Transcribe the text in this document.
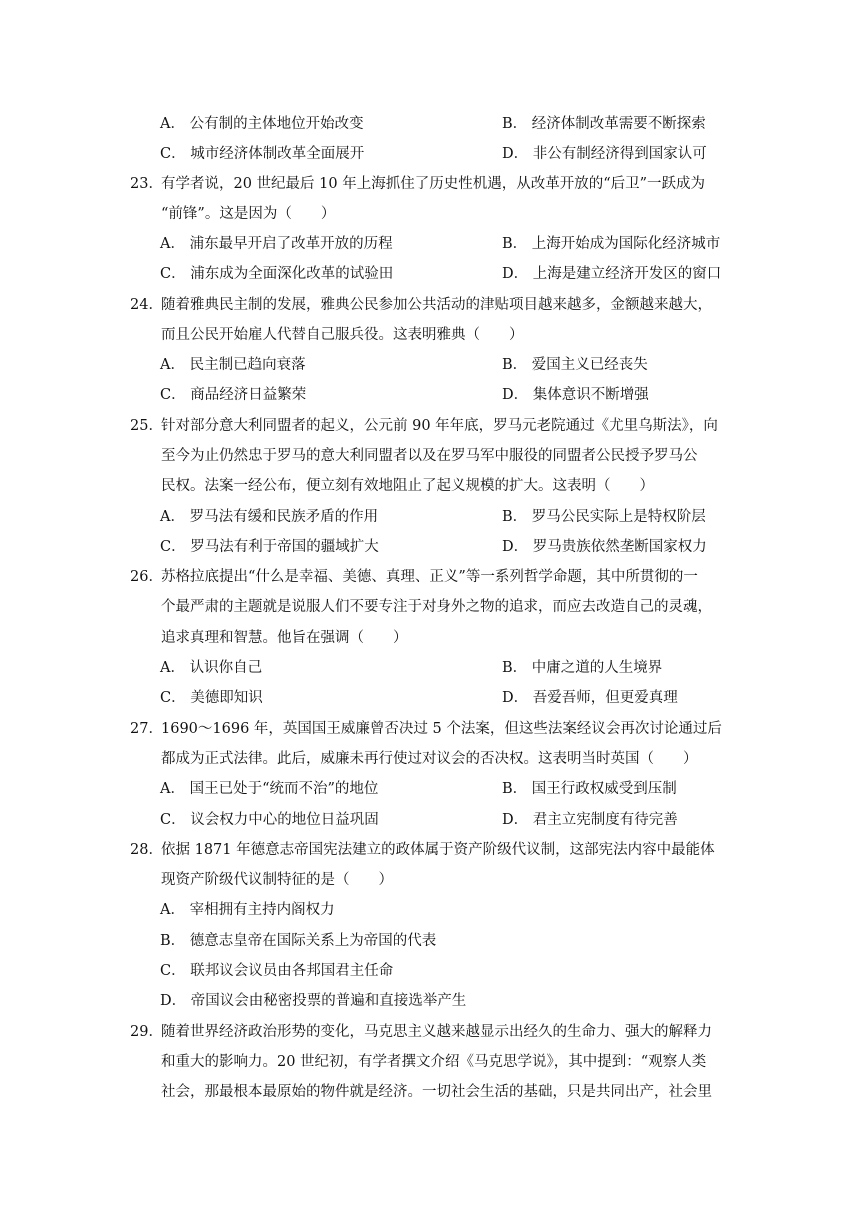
A． 公有制的主体地位开始改变	B． 经济体制改革需要不断探索
C． 城市经济体制改革全面展开	D． 非公有制经济得到国家认可
23．
有学者说，20 世纪最后 10 年上海抓住了历史性机遇，从改革开放的“后卫”一跃成为
“前锋”。这是因为（　　）
A． 浦东最早开启了改革开放的历程	B． 上海开始成为国际化经济城市
C． 浦东成为全面深化改革的试验田	D． 上海是建立经济开发区的窗口
24．
随着雅典民主制的发展，雅典公民参加公共活动的津贴项目越来越多，金额越来越大，
而且公民开始雇人代替自己服兵役。这表明雅典（　　）
A． 民主制已趋向衰落	B． 爱国主义已经丧失
C． 商品经济日益繁荣	D． 集体意识不断增强
25．
针对部分意大利同盟者的起义，公元前 90 年年底，罗马元老院通过《尤里乌斯法》，向
至今为止仍然忠于罗马的意大利同盟者以及在罗马军中服役的同盟者公民授予罗马公
民权。法案一经公布，便立刻有效地阻止了起义规模的扩大。这表明（　　）
A． 罗马法有缓和民族矛盾的作用	B． 罗马公民实际上是特权阶层
C． 罗马法有利于帝国的疆域扩大	D． 罗马贵族依然垄断国家权力
26．
苏格拉底提出“什么是幸福、美德、真理、正义”等一系列哲学命题，其中所贯彻的一
个最严肃的主题就是说服人们不要专注于对身外之物的追求，而应去改造自己的灵魂，
追求真理和智慧。他旨在强调（　　）
A． 认识你自己	B． 中庸之道的人生境界
C． 美德即知识	D． 吾爱吾师，但更爱真理
27．
1690～1696 年，英国国王威廉曾否决过 5 个法案，但这些法案经议会再次讨论通过后
都成为正式法律。此后，威廉未再行使过对议会的否决权。这表明当时英国（　　）
A． 国王已处于“统而不治”的地位	B． 国王行政权威受到压制
C． 议会权力中心的地位日益巩固	D． 君主立宪制度有待完善
28．
依据 1871 年德意志帝国宪法建立的政体属于资产阶级代议制，这部宪法内容中最能体
现资产阶级代议制特征的是（　　）
A． 宰相拥有主持内阁权力
B． 德意志皇帝在国际关系上为帝国的代表
C． 联邦议会议员由各邦国君主任命
D． 帝国议会由秘密投票的普遍和直接选举产生
29．
随着世界经济政治形势的变化，马克思主义越来越显示出经久的生命力、强大的解释力
和重大的影响力。20 世纪初，有学者撰文介绍《马克思学说》，其中提到：“观察人类
社会，那最根本最原始的物件就是经济。一切社会生活的基础，只是共同出产，社会里
